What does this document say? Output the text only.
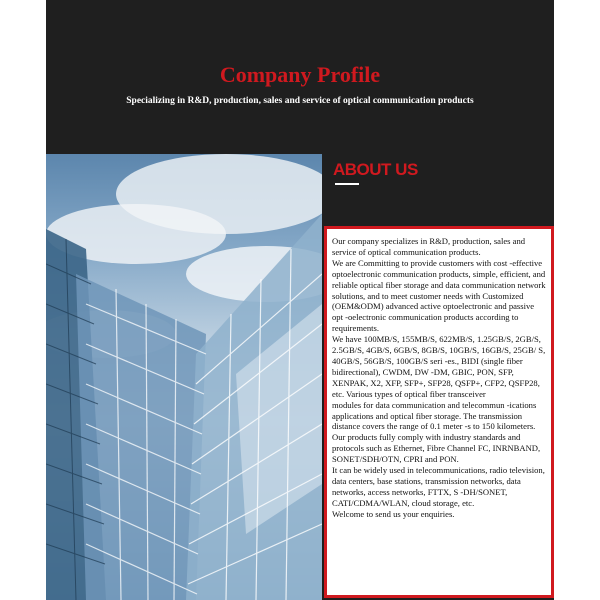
Company Profile
Specializing in R&D, production, sales and service of optical communication products
ABOUT US

Our company specializes in R&D, production, sales and service of optical communication products.

We are Committing to provide customers with cost -effective optoelectronic communication products, simple, efficient, and reliable optical fiber storage and data communication network solutions, and to meet customer needs with Customized (OEM&ODM) advanced active optoelectronic and passive opt -oelectronic communication products according to requirements.

We have 100MB/S, 155MB/S, 622MB/S, 1.25GB/S, 2GB/S, 2.5GB/S, 4GB/S, 6GB/S, 8GB/S, 10GB/S, 16GB/S, 25GB/ S, 40GB/S, 56GB/S, 100GB/S seri -es., BIDI (single fiber bidirectional), CWDM, DW -DM, GBIC, PON, SFP, XENPAK, X2, XFP, SFP+, SFP28, QSFP+, CFP2, QSFP28, etc. Various types of optical fiber transceiver

modules for data communication and telecommun -ications applications and optical fiber storage. The transmission distance covers the range of 0.1 meter -s to 150 kilometers.

Our products fully comply with industry standards and protocols such as Ethernet, Fibre Channel FC, INRNBAND, SONET/SDH/OTN, CPRI and PON.

It can be widely used in telecommunications, radio television, data centers, base stations, transmission networks, data networks, access networks, FTTX, S -DH/SONET, CATI/CDMA/WLAN, cloud storage, etc.

Welcome to send us your enquiries.
